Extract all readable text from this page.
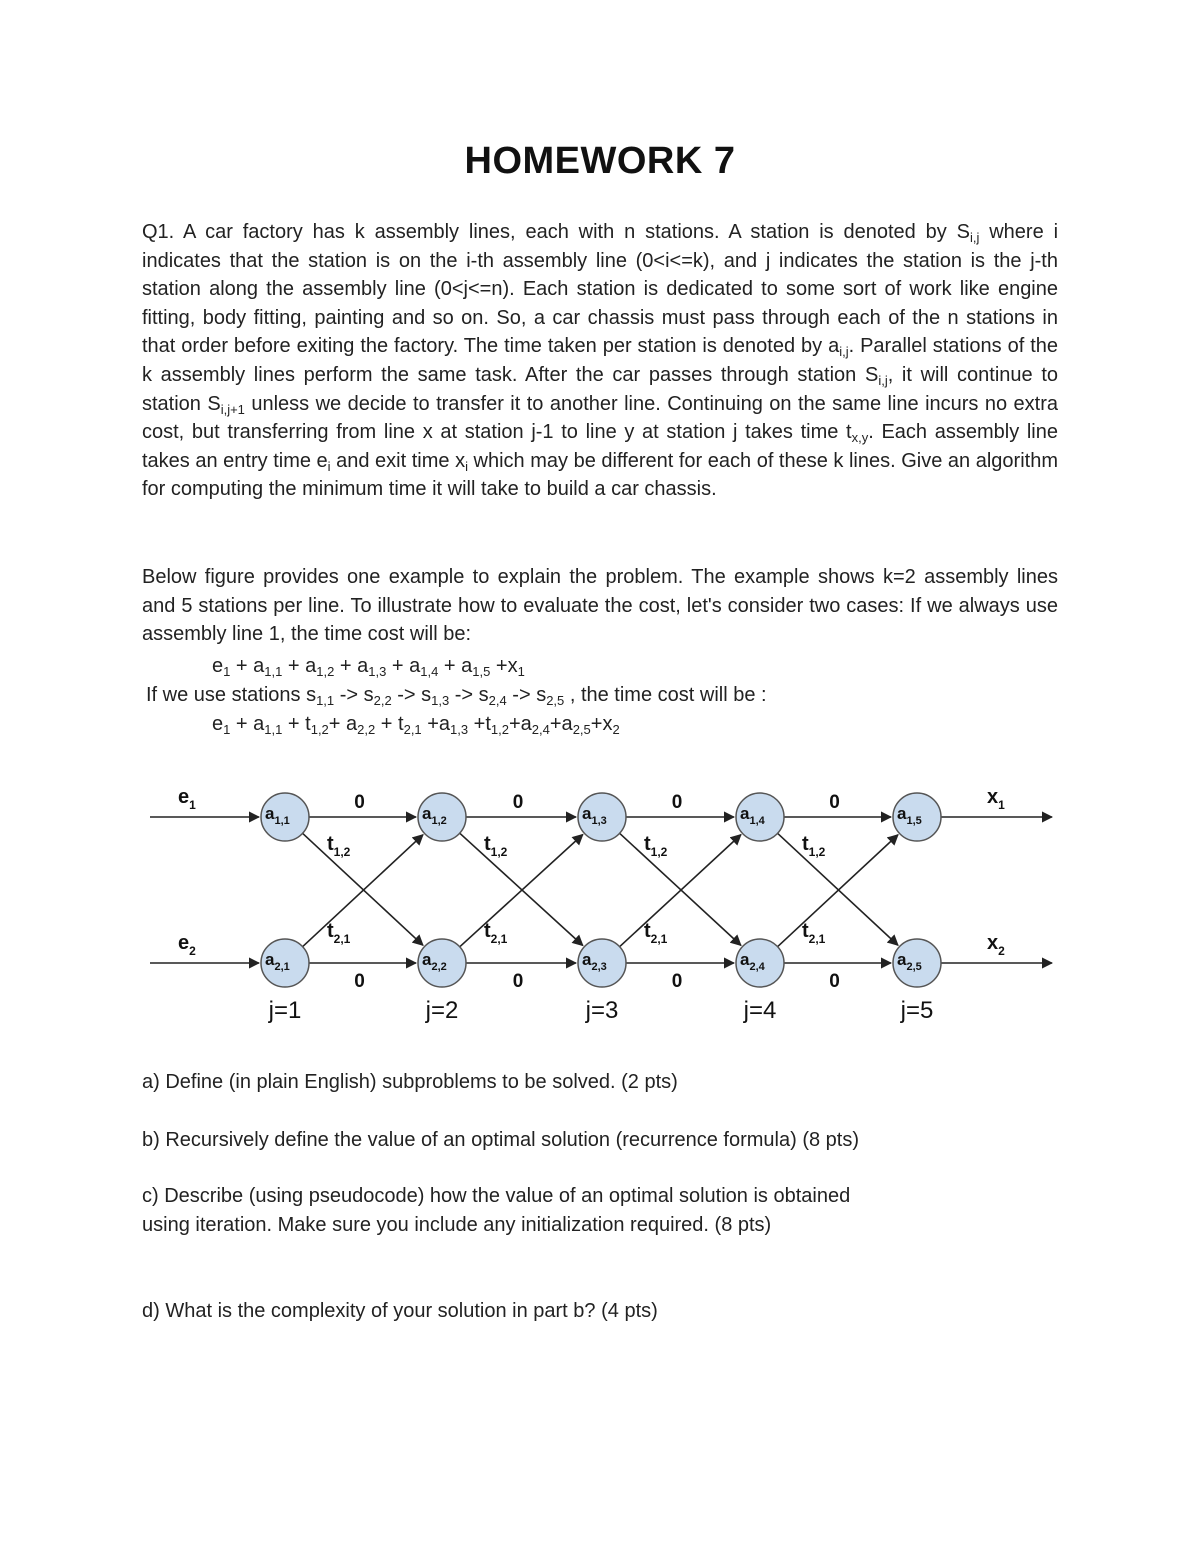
HOMEWORK 7

Q1. A car factory has k assembly lines, each with n stations. A station is denoted by $S_{i,j}$ where i indicates that the station is on the i-th assembly line (0<i<=k), and j indicates the station is the j-th station along the assembly line (0<j<=n). Each station is dedicated to some sort of work like engine fitting, body fitting, painting and so on. So, a car chassis must pass through each of the n stations in that order before exiting the factory. The time taken per station is denoted by $a_{i,j}$. Parallel stations of the k assembly lines perform the same task. After the car passes through station $S_{i,j}$, it will continue to station $S_{i,j+1}$ unless we decide to transfer it to another line. Continuing on the same line incurs no extra cost, but transferring from line x at station j-1 to line y at station j takes time $t_{x,y}$. Each assembly line takes an entry time $e_i$ and exit time $x_i$ which may be different for each of these k lines. Give an algorithm for computing the minimum time it will take to build a car chassis.

Below figure provides one example to explain the problem. The example shows k=2 assembly lines and 5 stations per line. To illustrate how to evaluate the cost, let's consider two cases: If we always use assembly line 1, the time cost will be:

$e_1 + a_{1,1} + a_{1,2} + a_{1,3} + a_{1,4} + a_{1,5} +x_1$

If we use stations $s_{1,1} -> s_{2,2} -> s_{1,3} -> s_{2,4} -> s_{2,5}$ , the time cost will be :

$e_1 + a_{1,1} + t_{1,2}+ a_{2,2} + t_{2,1} +a_{1,3} +t_{1,2}+a_{2,4}+a_{2,5}+x_2$

$e_1$	$x_1$
$e_2$	$x_2$
0
0
$t_{1,2}$
$t_{2,1}$
0
0
$t_{1,2}$
$t_{2,1}$
0
0
$t_{1,2}$
$t_{2,1}$
0
0
$t_{1,2}$
$t_{2,1}$
$a_{1,1}$	$a_{1,2}$	$a_{1,3}$	$a_{1,4}$	$a_{1,5}$
$a_{2,1}$	$a_{2,2}$	$a_{2,3}$	$a_{2,4}$	$a_{2,5}$
j=1	j=2	j=3	j=4	j=5

a) Define (in plain English) subproblems to be solved. (2 pts)

b) Recursively define the value of an optimal solution (recurrence formula) (8 pts)

c) Describe (using pseudocode) how the value of an optimal solution is obtained

using iteration. Make sure you include any initialization required. (8 pts)

d) What is the complexity of your solution in part b? (4 pts)
